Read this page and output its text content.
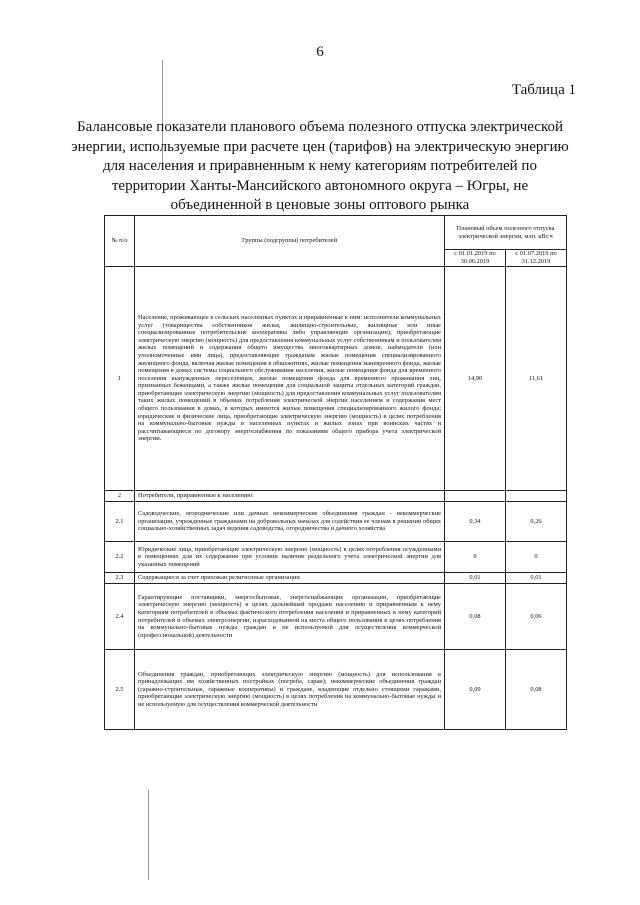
6
Таблица 1
Балансовые показатели планового объема полезного отпуска электрической энергии, используемые при расчете цен (тарифов) на электрическую энергию для населения и приравненным к нему категориям потребителей по территории Ханты-Мансийского автономного округа – Югры, не объединенной в ценовые зоны оптового рынка
№ п/о	Группы (подгруппы) потребителей	Плановый объем полезного отпуска электрической энергии, млн. кВт.ч	
		с 01.01.2019 по 30.06.2019	с 01.07.2019 по 31.12.2019
1	Население, проживающее в сельских населенных пунктах и приравненные к ним: исполнители коммунальных услуг (товарищества собственников жилья, жилищно-строительные, жилищные или иные специализированные потребительские кооперативы либо управляющие организации), приобретающие электрическую энергию (мощность) для предоставления коммунальных услуг собственникам и пользователям жилых помещений и содержания общего имущества многоквартирных домов; наймодатели (или уполномоченные ими лица), предоставляющие гражданам жилые помещения специализированного жилищного фонда, включая жилые помещения в общежитиях, жилые помещения маневренного фонда, жилые помещения в домах системы социального обслуживания населения, жилые помещения фонда для временного поселения вынужденных переселенцев, жилые помещения фонда для временного проживания лиц, признанных беженцами, а также жилые помещения для социальной защиты отдельных категорий граждан, приобретающие электрическую энергию (мощность) для предоставления коммунальных услуг пользователям таких жилых помещений в объемах потребления электрической энергии населением и содержания мест общего пользования в домах, в которых имеются жилые помещения специализированного жилого фонда; юридические и физические лица, приобретающие электрическую энергию (мощность) в целях потребления на коммунально-бытовые нужды в населенных пунктах и жилых зонах при воинских частях и рассчитывающиеся по договору энергоснабжения по показаниям общего прибора учета электрической энергии.	14,90	11,61
2	Потребители, приравненные к населению:		
2.1	Садоводческие, огороднические или дачные некоммерческие объединения граждан - некоммерческие организации, учрежденные гражданами на добровольных началах для содействия ее членам в решении общих социально-хозяйственных задач ведения садоводства, огородничества и дачного хозяйства	0,34	0,26
2.2	Юридические лица, приобретающие электрическую энергию (мощность) в целях потребления осужденными в помещениях для их содержания при условии наличия раздельного учета электрической энергии для указанных помещений	0	0
2.3	Содержащиеся за счет прихожан религиозные организации	0,01	0,01
2.4	Гарантирующие поставщики, энергосбытовые, энергоснабжающие организации, приобретающие электрическую энергию (мощность) в целях дальнейшей продажи населению и приравненным к нему категориям потребителей в объемах фактического потребления населения и приравненных к нему категорий потребителей и объемах электроэнергии, израсходованной на места общего пользования в целях потребления на коммунально-бытовые нужды граждан и не используемой для осуществления коммерческой (профессиональной) деятельности	0,08	0,06
2.5	Объединения граждан, приобретающих электрическую энергию (мощность) для использования в принадлежащих им хозяйственных постройках (погреба, сараи); некоммерческие объединения граждан (гаражно-строительные, гаражные кооперативы) и граждане, владеющие отдельно стоящими гаражами, приобретающие электрическую энергию (мощность) в целях потребления на коммунально-бытовые нужды и не используемую для осуществления коммерческой деятельности	0,09	0,08
